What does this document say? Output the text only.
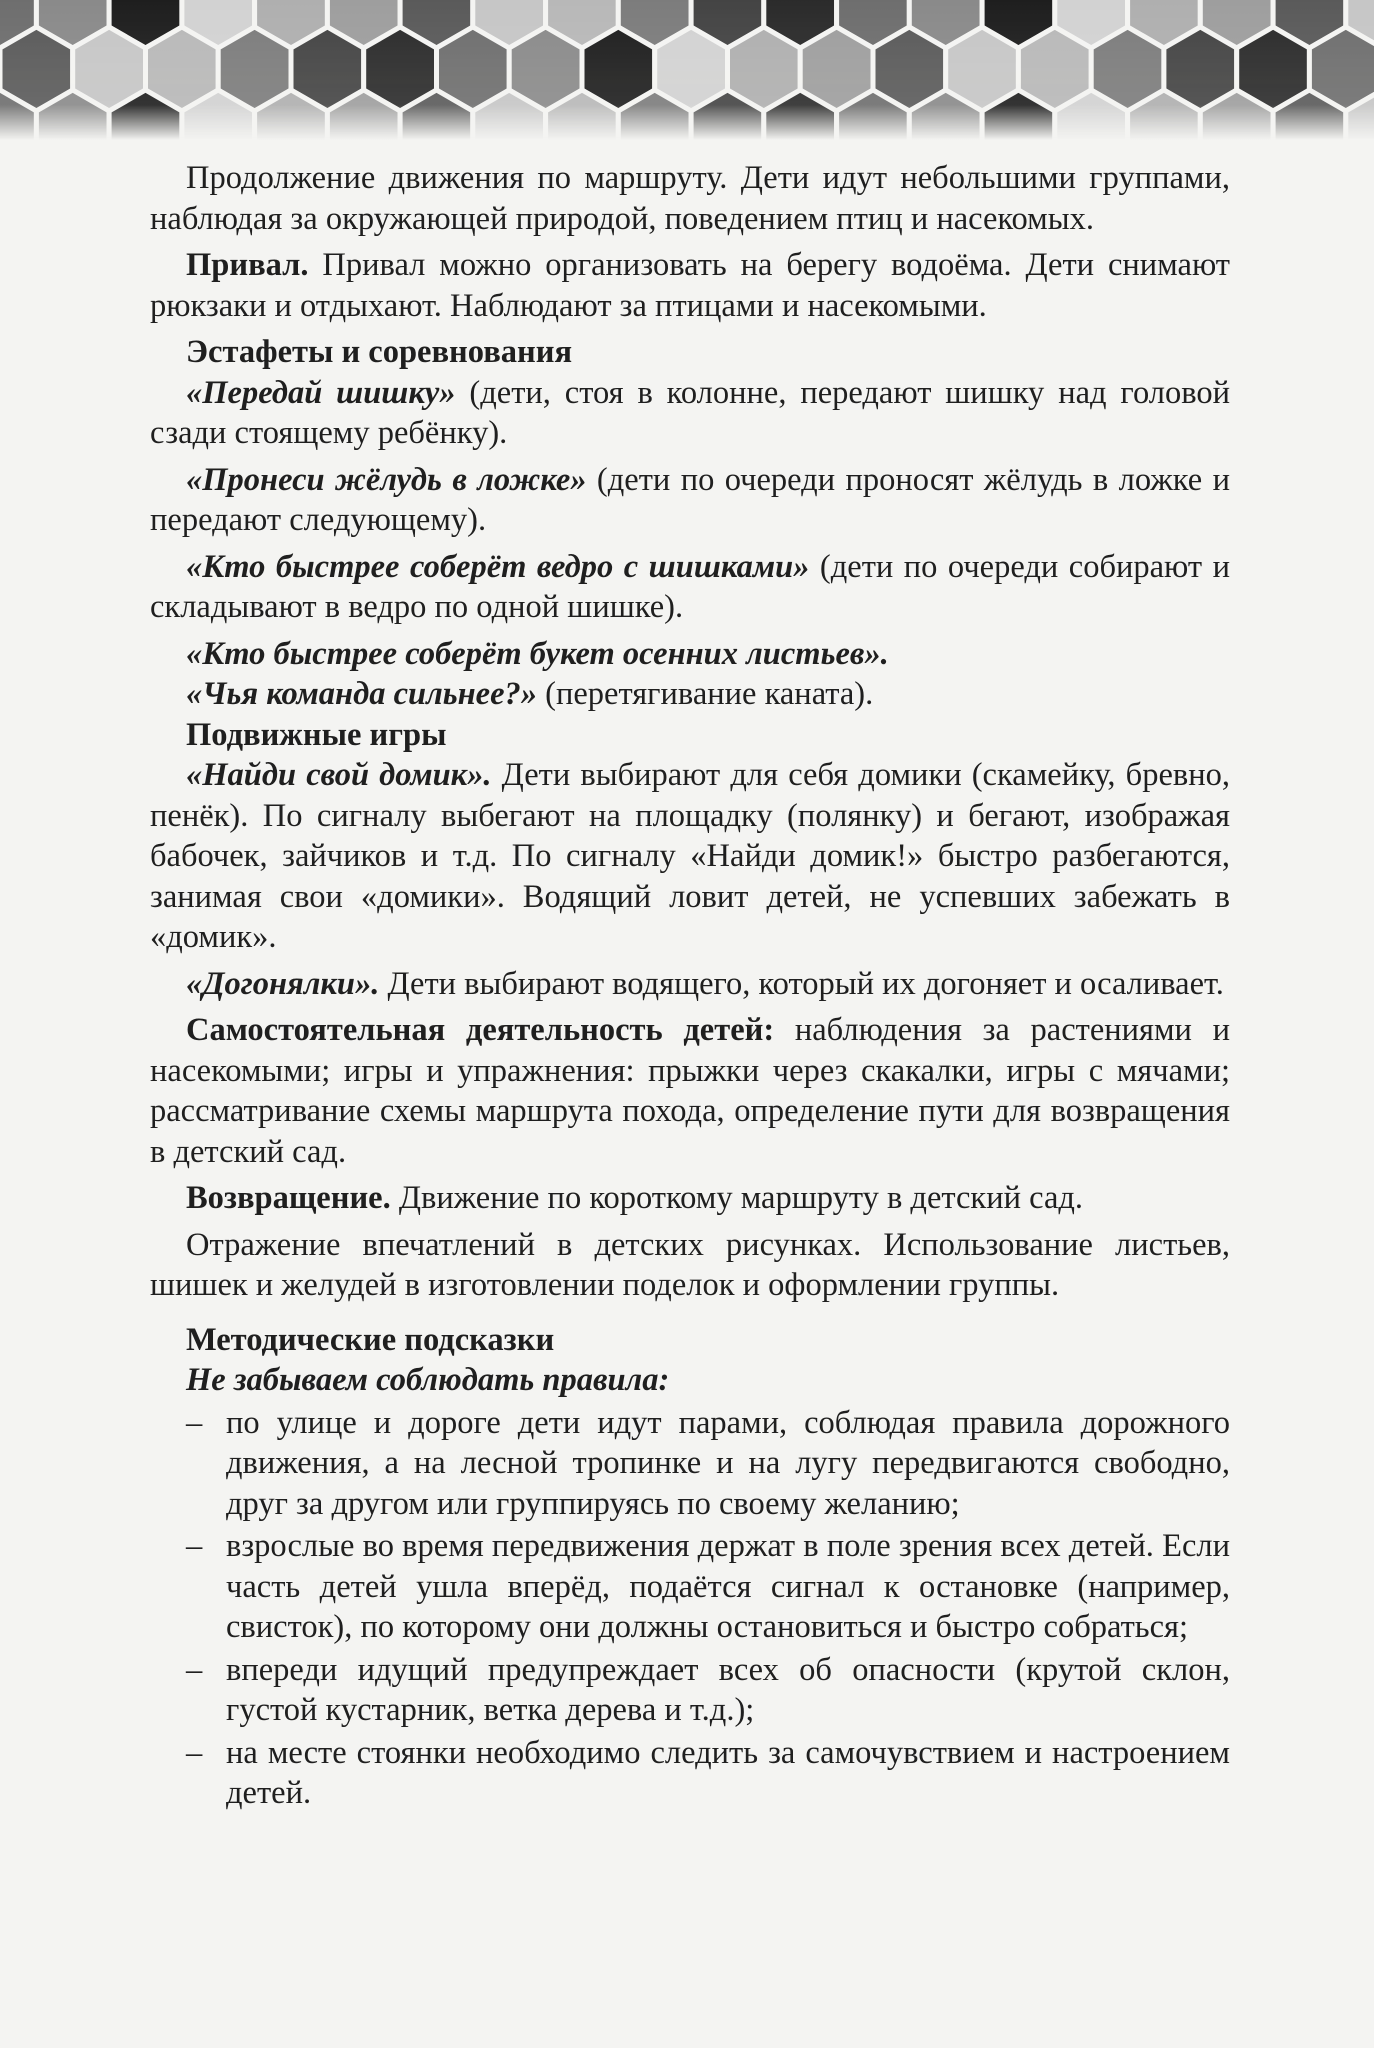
Продолжение движения по маршруту. Дети идут небольшими группами, наблюдая за окружающей природой, поведением птиц и насекомых.

Привал. Привал можно организовать на берегу водоёма. Дети снимают рюкзаки и отдыхают. Наблюдают за птицами и насекомыми.

Эстафеты и соревнования

«Передай шишку» (дети, стоя в колонне, передают шишку над головой сзади стоящему ребёнку).

«Пронеси жёлудь в ложке» (дети по очереди проносят жёлудь в ложке и передают следующему).

«Кто быстрее соберёт ведро с шишками» (дети по очереди собирают и складывают в ведро по одной шишке).

«Кто быстрее соберёт букет осенних листьев».

«Чья команда сильнее?» (перетягивание каната).

Подвижные игры

«Найди свой домик». Дети выбирают для себя домики (скамейку, бревно, пенёк). По сигналу выбегают на площадку (полянку) и бегают, изображая бабочек, зайчиков и т.д. По сигналу «Найди домик!» быстро разбегаются, занимая свои «домики». Водящий ловит детей, не успевших забежать в «домик».

«Догонялки». Дети выбирают водящего, который их догоняет и осаливает.

Самостоятельная деятельность детей: наблюдения за растениями и насекомыми; игры и упражнения: прыжки через скакалки, игры с мячами; рассматривание схемы маршрута похода, определение пути для возвращения в детский сад.

Возвращение. Движение по короткому маршруту в детский сад.

Отражение впечатлений в детских рисунках. Использование листьев, шишек и желудей в изготовлении поделок и оформлении группы.

Методические подсказки

Не забываем соблюдать правила:

– по улице и дороге дети идут парами, соблюдая правила дорожного движения, а на лесной тропинке и на лугу передвигаются свободно, друг за другом или группируясь по своему желанию;
– взрослые во время передвижения держат в поле зрения всех детей. Если часть детей ушла вперёд, подаётся сигнал к остановке (например, свисток), по которому они должны остановиться и быстро собраться;
– впереди идущий предупреждает всех об опасности (крутой склон, густой кустарник, ветка дерева и т.д.);
– на месте стоянки необходимо следить за самочувствием и настроением детей.
